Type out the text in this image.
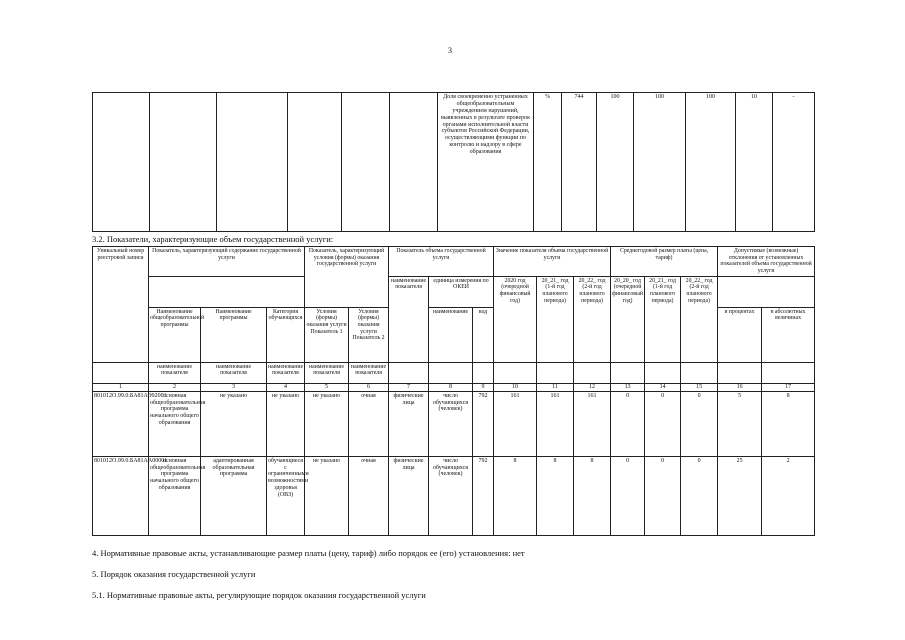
3
						Доля своевременно устраненных общеобразовательным учреждением нарушений, выявленных в результате проверок органами исполнительной власти субъектов Российской Федерации, осуществляющими функции по контролю и надзору в сфере образования	%	744	100	100	100	10	-
3.2. Показатели, характеризующие объем государственной услуги:
Уникальный номер реестровой записи	Показатель, характеризующий содержание государственной услуги			Показатель, характеризующий условия (формы) оказания государственной услуги		Показатель объема государственной услуги			Значение показателя объема государственной услуги			Среднегодовой размер платы (цена, тариф)			Допустимые (возможные) отклонения от установленных показателей объема государственной услуги	
						наименование показателя	единица измерения по ОКЕИ		2020 год (очередной финансовый год)	20_21_ год (1-й год планового периода)	20_22_ год (2-й год планового периода)	20_20_ год (очередной финансовый год)	20_21_ год (1-й год планового периода)	20_22_ год (2-й год планового периода)		
	Наименование общеобразовательной программы	Наименование программы	Категория обучающихся	Условия (формы) оказания услуги Показатель 1	Условия (формы) оказания услуги Показатель 2		наименование	код							в процентах	в абсолютных величинах
	наименование показателя	наименование показателя	наименование показателя	наименование показателя	наименование показателя											
1	2	3	4	5	6	7	8	9	10	11	12	13	14	15	16	17
801012О.99.0.БА81АЭ92001	основная общеобразовательная программа начального общего образования	не указано	не указано	не указано	очная	физические лица	число обучающихся (человек)	792	161	161	161	0	0	0	5	8
801012О.99.0.БА81АА00001	основная общеобразовательная программа начального общего образования	адаптированная образовательная программа	обучающиеся с ограниченными возможностями здоровья (ОВЗ)	не указано	очная	физические лица	число обучающихся (человек)	792	8	8	8	0	0	0	25	2
4. Нормативные правовые акты, устанавливающие размер платы (цену, тариф) либо порядок ее (его) установления: нет
5. Порядок оказания государственной услуги
5.1. Нормативные правовые акты, регулирующие порядок оказания государственной услуги
